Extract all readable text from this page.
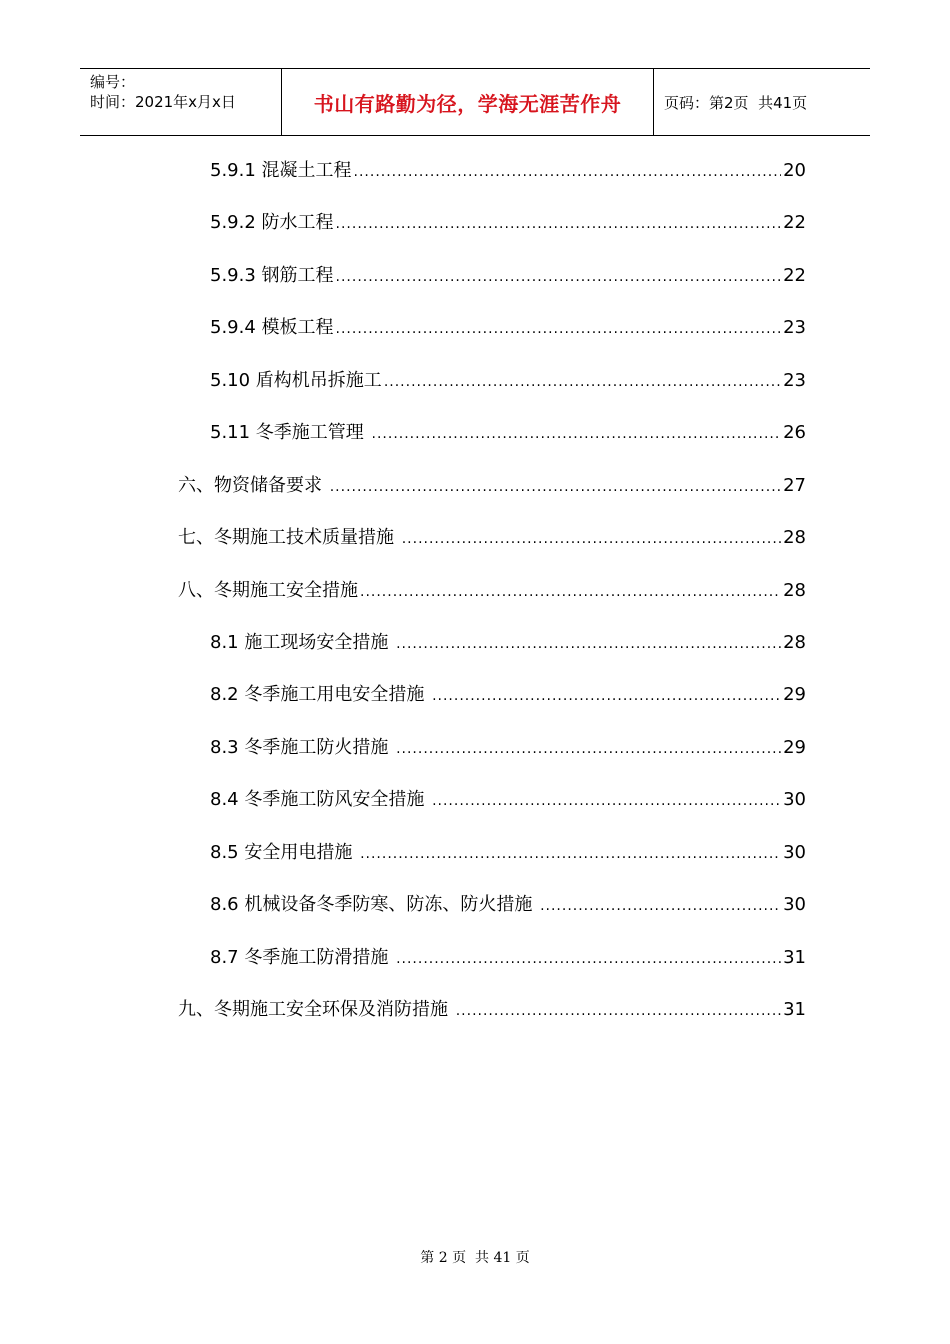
编号：
时间：2021年x月x日	书山有路勤为径，学海无涯苦作舟	页码：第2页  共41页
5.9.1 混凝土工程 .....	20
5.9.2 防水工程 .....	22
5.9.3 钢筋工程 .....	22
5.9.4 模板工程 .....	23
5.10 盾构机吊拆施工 .....	23
5.11 冬季施工管理 .....	26
六、物资储备要求 .....	27
七、冬期施工技术质量措施 .....	28
八、冬期施工安全措施 .....	28
8.1 施工现场安全措施 .....	28
8.2 冬季施工用电安全措施 .....	29
8.3 冬季施工防火措施 .....	29
8.4 冬季施工防风安全措施 .....	30
8.5 安全用电措施 .....	30
8.6 机械设备冬季防寒、防冻、防火措施 .....	30
8.7 冬季施工防滑措施 .....	31
九、冬期施工安全环保及消防措施 .....	31
第 2 页  共 41 页
